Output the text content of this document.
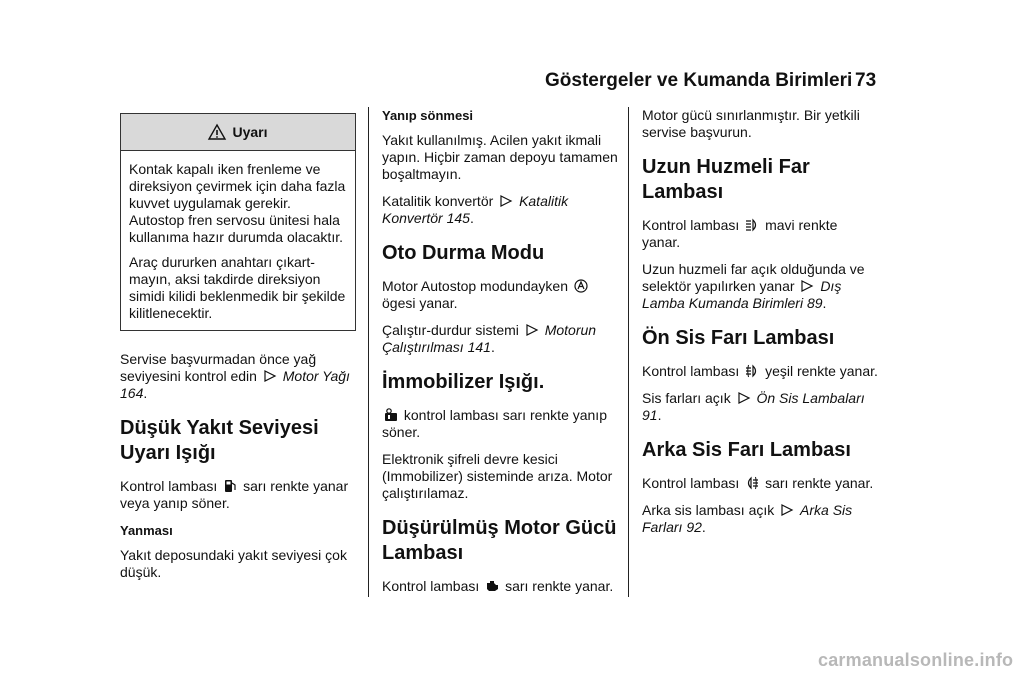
Göstergeler ve Kumanda Birimleri 73
Uyarı

Kontak kapalı iken frenleme ve direksiyon çevirmek için daha fazla kuvvet uygulamak gerekir. Autostop fren servosu ünitesi hala kullanıma hazır durumda olacaktır.

Araç dururken anahtarı çıkart-mayın, aksi takdirde direksiyon simidi kilidi beklenmedik bir şekilde kilitlenecektir.

Servise başvurmadan önce yağ seviyesini kontrol edin Motor Yağı 164.

Düşük Yakıt Seviyesi Uyarı Işığı

Kontrol lambası sarı renkte yanar veya yanıp söner.

Yanması

Yakıt deposundaki yakıt seviyesi çok düşük.

Yanıp sönmesi

Yakıt kullanılmış. Acilen yakıt ikmali yapın. Hiçbir zaman depoyu tamamen boşaltmayın.

Katalitik konvertör Katalitik Konvertör 145.

Oto Durma Modu

Motor Autostop modundayken  ögesi yanar.

Çalıştır-durdur sistemi Motorun Çalıştırılması 141.

İmmobilizer Işığı.

kontrol lambası sarı renkte yanıp söner.

Elektronik şifreli devre kesici (Immobilizer) sisteminde arıza. Motor çalıştırılamaz.

Düşürülmüş Motor Gücü Lambası

Kontrol lambası sarı renkte yanar.

Motor gücü sınırlanmıştır. Bir yetkili servise başvurun.

Uzun Huzmeli Far Lambası

Kontrol lambası mavi renkte yanar.

Uzun huzmeli far açık olduğunda ve selektör yapılırken yanar Dış Lamba Kumanda Birimleri 89.

Ön Sis Farı Lambası

Kontrol lambası yeşil renkte yanar.

Sis farları açık Ön Sis Lambaları 91.

Arka Sis Farı Lambası

Kontrol lambası sarı renkte yanar.

Arka sis lambası açık Arka Sis Farları 92.

carmanualsonline.info
